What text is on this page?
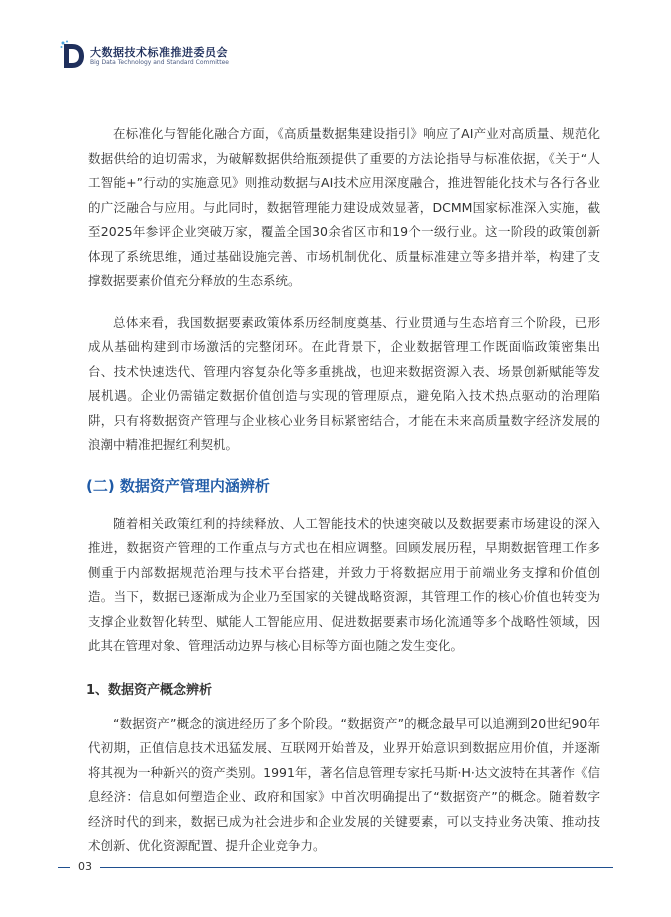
大数据技术标准推进委员会
Big Data Technology and Standard Committee

在标准化与智能化融合方面，《高质量数据集建设指引》响应了AI产业对高质量、规范化数据供给的迫切需求，为破解数据供给瓶颈提供了重要的方法论指导与标准依据，《关于“人工智能+”行动的实施意见》则推动数据与AI技术应用深度融合，推进智能化技术与各行各业的广泛融合与应用。与此同时，数据管理能力建设成效显著，DCMM国家标准深入实施，截至2025年参评企业突破万家，覆盖全国30余省区市和19个一级行业。这一阶段的政策创新体现了系统思维，通过基础设施完善、市场机制优化、质量标准建立等多措并举，构建了支撑数据要素价值充分释放的生态系统。

总体来看，我国数据要素政策体系历经制度奠基、行业贯通与生态培育三个阶段，已形成从基础构建到市场激活的完整闭环。在此背景下，企业数据管理工作既面临政策密集出台、技术快速迭代、管理内容复杂化等多重挑战，也迎来数据资源入表、场景创新赋能等发展机遇。企业仍需锚定数据价值创造与实现的管理原点，避免陷入技术热点驱动的治理陷阱，只有将数据资产管理与企业核心业务目标紧密结合，才能在未来高质量数字经济发展的浪潮中精准把握红利契机。

(二) 数据资产管理内涵辨析

随着相关政策红利的持续释放、人工智能技术的快速突破以及数据要素市场建设的深入推进，数据资产管理的工作重点与方式也在相应调整。回顾发展历程，早期数据管理工作多侧重于内部数据规范治理与技术平台搭建，并致力于将数据应用于前端业务支撑和价值创造。当下，数据已逐渐成为企业乃至国家的关键战略资源，其管理工作的核心价值也转变为支撑企业数智化转型、赋能人工智能应用、促进数据要素市场化流通等多个战略性领域，因此其在管理对象、管理活动边界与核心目标等方面也随之发生变化。

1、数据资产概念辨析

“数据资产”概念的演进经历了多个阶段。“数据资产”的概念最早可以追溯到20世纪90年代初期，正值信息技术迅猛发展、互联网开始普及，业界开始意识到数据应用价值，并逐渐将其视为一种新兴的资产类别。1991年，著名信息管理专家托马斯·H·达文波特在其著作《信息经济：信息如何塑造企业、政府和国家》中首次明确提出了“数据资产”的概念。随着数字经济时代的到来，数据已成为社会进步和企业发展的关键要素，可以支持业务决策、推动技术创新、优化资源配置、提升企业竞争力。

03
